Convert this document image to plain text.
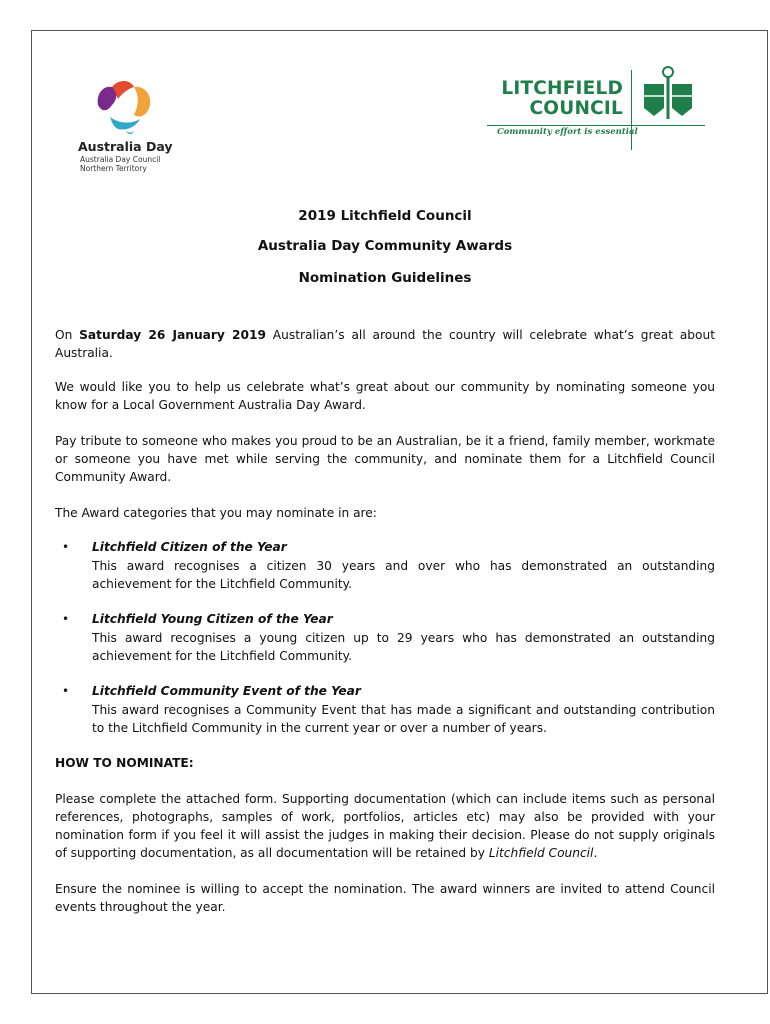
Australia Day
Australia Day Council
Northern Territory
LITCHFIELD
COUNCIL
Community effort is essential
2019 Litchfield Council
Australia Day Community Awards
Nomination Guidelines

On Saturday 26 January 2019 Australian’s all around the country will celebrate what’s great about Australia.

We would like you to help us celebrate what’s great about our community by nominating someone you know for a Local Government Australia Day Award.

Pay tribute to someone who makes you proud to be an Australian, be it a friend, family member, workmate or someone you have met while serving the community, and nominate them for a Litchfield Council Community Award.

The Award categories that you may nominate in are:

• Litchfield Citizen of the Year

This award recognises a citizen 30 years and over who has demonstrated an outstanding achievement for the Litchfield Community.

• Litchfield Young Citizen of the Year

This award recognises a young citizen up to 29 years who has demonstrated an outstanding achievement for the Litchfield Community.

• Litchfield Community Event of the Year

This award recognises a Community Event that has made a significant and outstanding contribution to the Litchfield Community in the current year or over a number of years.

HOW TO NOMINATE:

Please complete the attached form. Supporting documentation (which can include items such as personal references, photographs, samples of work, portfolios, articles etc) may also be provided with your nomination form if you feel it will assist the judges in making their decision. Please do not supply originals of supporting documentation, as all documentation will be retained by Litchfield Council.

Ensure the nominee is willing to accept the nomination. The award winners are invited to attend Council events throughout the year.
